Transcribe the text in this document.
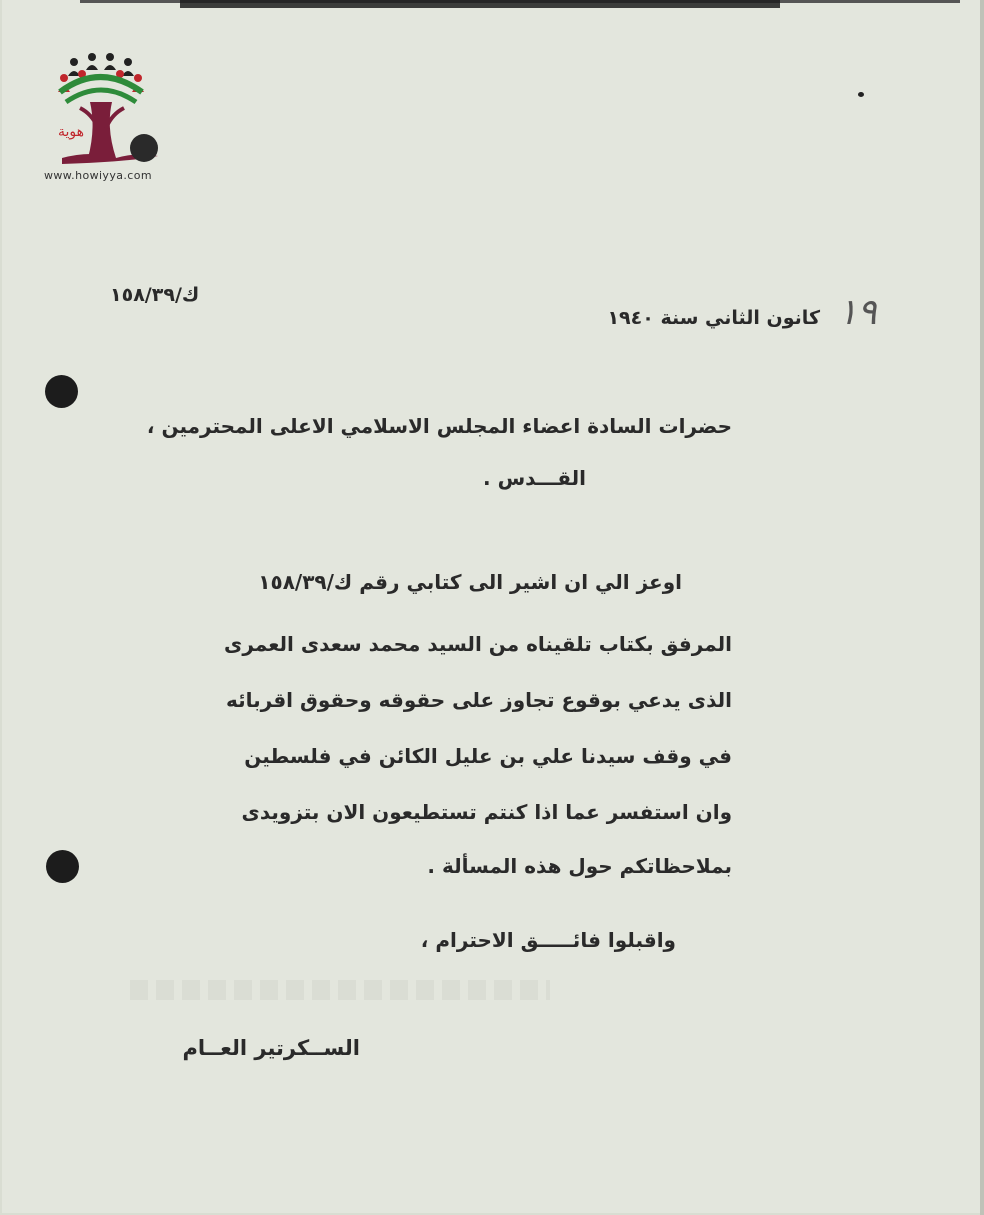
هوية
www.howiyya.com
ك/١٥٨/٣٩
كانون الثاني سنة ١٩٤٠ ١٩
حضرات السادة اعضاء المجلس الاسلامي الاعلى المحترمين ،
القـــدس .
اوعز الي ان اشير الى كتابي رقم ك/١٥٨/٣٩
المرفق بكتاب تلقيناه من السيد محمد سعدى العمرى
الذى يدعي بوقوع تجاوز على حقوقه وحقوق اقربائه
في وقف سيدنا علي بن عليل الكائن في فلسطين
وان استفسر عما اذا كنتم تستطيعون الان بتزويدى
بملاحظاتكم حول هذه المسألة .
واقبلوا فائـــــق الاحترام ،
الســكرتير العــام
